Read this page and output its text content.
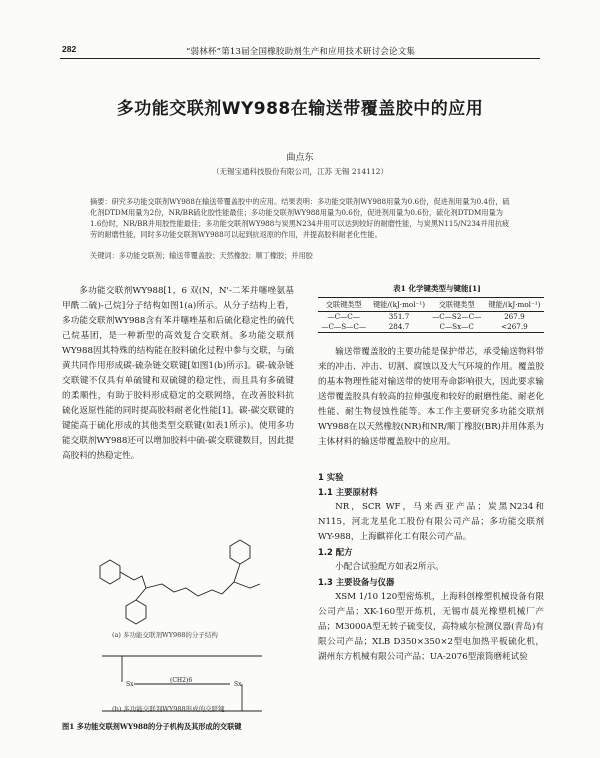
282	“弱林杯”第13届全国橡胶助剂生产和应用技术研讨会论文集
多功能交联剂WY988在输送带覆盖胶中的应用
曲点东
（无锡宝通科技股份有限公司，江苏 无锡 214112）
摘要：研究多功能交联剂WY988在输送带覆盖胶中的应用。结果表明：多功能交联剂WY988用量为0.6份，促进剂用量为0.4份，硫化剂DTDM用量为2份，NR/BR硫化胶性能最佳；多功能交联剂WY988用量为0.6份，促进剂用量为0.6份，硫化剂DTDM用量为1.6份时，NR/BR并用胶性能最佳；多功能交联剂WY988与炭黑N234并用可以达到较好的耐磨性能，与炭黑N115/N234并用抗疲劳的耐磨性能，同时多功能交联剂WY988可以起到抗返原的作用，并提高胶料耐老化性能。
关键词：多功能交联剂；输送带覆盖胶；天然橡胶；顺丁橡胶；并用胶

多功能交联剂WY988[1，6 双(N，N'-二苯并噻唑氨基甲酰二硫)-己烷]分子结构如图1(a)所示。从分子结构上看，多功能交联剂WY988含有苯并噻唑基和后硫化稳定性的硫代己烷基团，是一种新型的高效复合交联剂。多功能交联剂WY988因其特殊的结构能在胶料硫化过程中参与交联，与硫黄共同作用形成碳-硫杂链交联键[如图1(b)所示]。碳-硫杂链交联键不仅具有单硫键和双硫键的稳定性，而且具有多硫键的柔顺性，有助于胶料形成稳定的交联网络，在改善胶料抗硫化返原性能的同时提高胶料耐老化性能[1]。碳-碳交联键的键能高于硫化形成的其他类型交联键(如表1所示)。使用多功能交联剂WY988还可以增加胶料中硫-碳交联键数目，因此提高胶料的热稳定性。

Sx
(CH2)6
Sx
(a) 多功能交联剂WY988的分子结构
(b) 多功能交联剂WY988形成的交联键
图1 多功能交联剂WY988的分子机构及其形成的交联键
表1 化学键类型与键能[1]
交联键类型	键能/(kJ·mol⁻¹)	交联键类型	键能/(kJ·mol⁻¹)
—C—C—	351.7	—C—S2—C—	267.9
—C—S—C—	284.7	C—Sx—C	<267.9

输送带覆盖胶的主要功能是保护带芯，承受输送物料带来的冲击、冲击、切割、腐蚀以及大气环境的作用。覆盖胶的基本物理性能对输送带的使用寿命影响很大，因此要求输送带覆盖胶具有较高的拉伸强度和较好的耐磨性能、耐老化性能、耐生物侵蚀性能等。本工作主要研究多功能交联剂WY988在以天然橡胶(NR)和NR/顺丁橡胶(BR)并用体系为主体材料的输送带覆盖胶中的应用。

1 实验

1.1 主要原材料

NR，SCR WF，马来西亚产品；炭黑N234和N115，河北龙星化工股份有限公司产品；多功能交联剂WY-988，上海麒祥化工有限公司产品。

1.2 配方

小配合试验配方如表2所示。

1.3 主要设备与仪器

XSM 1/10 120型密炼机，上海科创橡塑机械设备有限公司产品；XK-160型开炼机，无锡市晨光橡塑机械厂产品；M3000A型无转子硫变仪，高特威尔检测仪器(青岛)有限公司产品；XLB D350×350×2型电加热平板硫化机，湖州东方机械有限公司产品；UA-2076型滚筒磨耗试验
